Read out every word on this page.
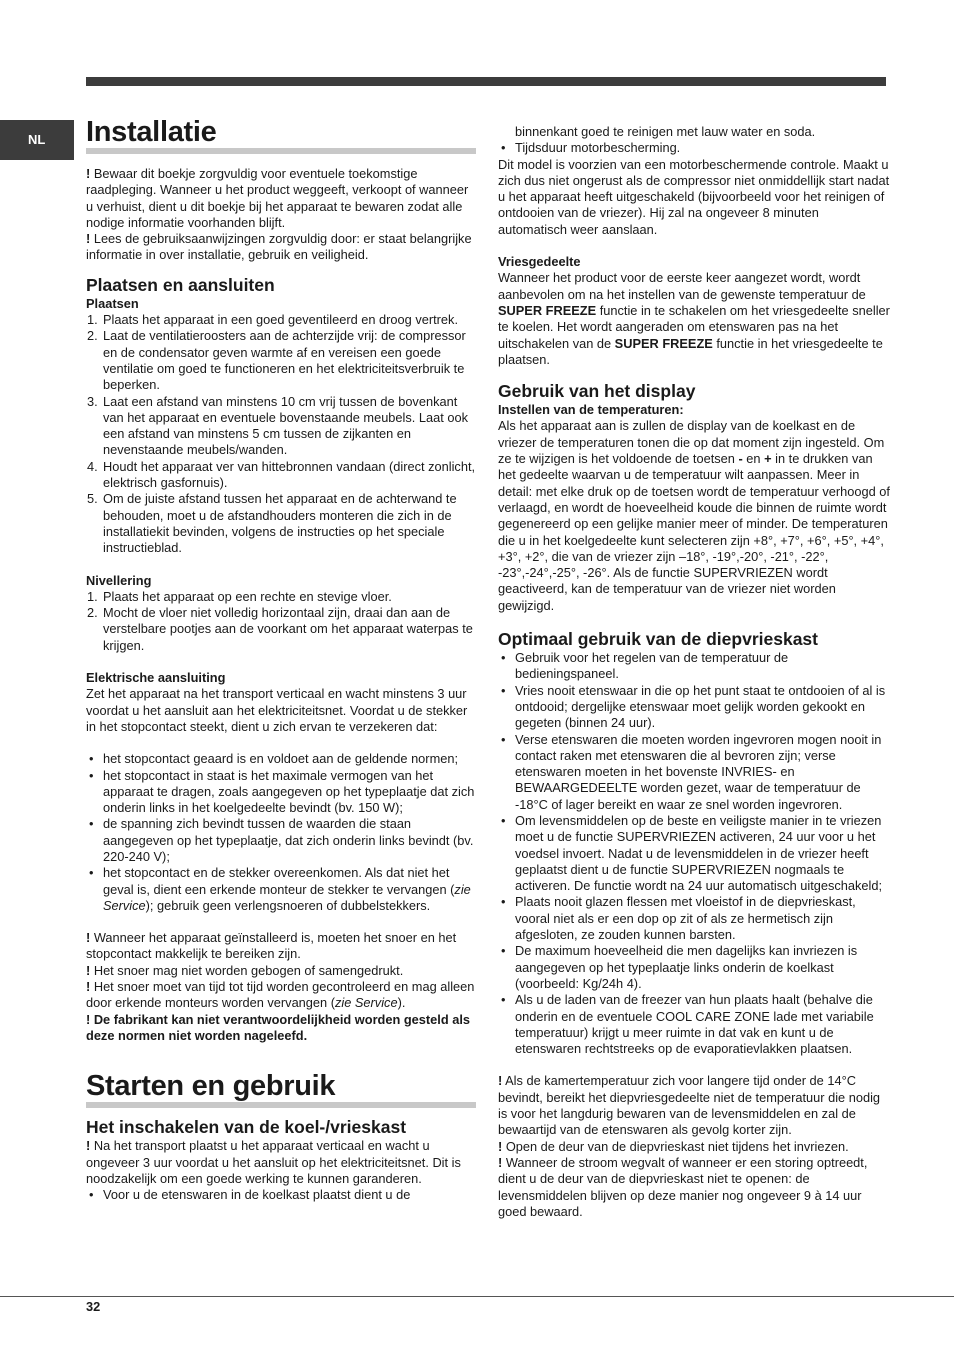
NL	Installatie

! Bewaar dit boekje zorgvuldig voor eventuele toekomstige raadpleging. Wanneer u het product weggeeft, verkoopt of wanneer u verhuist, dient u dit boekje bij het apparaat te bewaren zodat alle nodige informatie voorhanden blijft.

! Lees de gebruiksaanwijzingen zorgvuldig door: er staat belangrijke informatie in over installatie, gebruik en veiligheid.

Plaatsen en aansluiten
Plaatsen
1. Plaats het apparaat in een goed geventileerd en droog vertrek.
2. Laat de ventilatieroosters aan de achterzijde vrij: de compressor en de condensator geven warmte af en vereisen een goede ventilatie om goed te functioneren en het elektriciteitsverbruik te beperken.
3. Laat een afstand van minstens 10 cm vrij tussen de bovenkant van het apparaat en eventuele bovenstaande meubels. Laat ook een afstand van minstens 5 cm tussen de zijkanten en nevenstaande meubels/wanden.
4. Houdt het apparaat ver van hittebronnen vandaan (direct zonlicht, elektrisch gasfornuis).
5. Om de juiste afstand tussen het apparaat en de achterwand te behouden, moet u de afstandhouders monteren die zich in de installatiekit bevinden, volgens de instructies op het speciale instructieblad.
Nivellering
1. Plaats het apparaat op een rechte en stevige vloer.
2. Mocht de vloer niet volledig horizontaal zijn, draai dan aan de verstelbare pootjes aan de voorkant om het apparaat waterpas te krijgen.
Elektrische aansluiting

Zet het apparaat na het transport verticaal en wacht minstens 3 uur voordat u het aansluit aan het elektriciteitsnet. Voordat u de stekker in het stopcontact steekt, dient u zich ervan te verzekeren dat:

• het stopcontact geaard is en voldoet aan de geldende normen;
• het stopcontact in staat is het maximale vermogen van het apparaat te dragen, zoals aangegeven op het typeplaatje dat zich onderin links in het koelgedeelte bevindt (bv. 150 W);
• de spanning zich bevindt tussen de waarden die staan aangegeven op het typeplaatje, dat zich onderin links bevindt (bv. 220-240 V);
• het stopcontact en de stekker overeenkomen. Als dat niet het geval is, dient een erkende monteur de stekker te vervangen (zie Service); gebruik geen verlengsnoeren of dubbelstekkers.

! Wanneer het apparaat geïnstalleerd is, moeten het snoer en het stopcontact makkelijk te bereiken zijn.

! Het snoer mag niet worden gebogen of samengedrukt.

! Het snoer moet van tijd tot tijd worden gecontroleerd en mag alleen door erkende monteurs worden vervangen (zie Service).

! De fabrikant kan niet verantwoordelijkheid worden gesteld als deze normen niet worden nageleefd.

Starten en gebruik
Het inschakelen van de koel-/vrieskast

! Na het transport plaatst u het apparaat verticaal en wacht u ongeveer 3 uur voordat u het aansluit op het elektriciteitsnet. Dit is noodzakelijk om een goede werking te kunnen garanderen.

• Voor u de etenswaren in de koelkast plaatst dient u de
binnenkant goed te reinigen met lauw water en soda.
• Tijdsduur motorbescherming.

Dit model is voorzien van een motorbeschermende controle. Maakt u zich dus niet ongerust als de compressor niet onmiddellijk start nadat u het apparaat heeft uitgeschakeld (bijvoorbeeld voor het reinigen of ontdooien van de vriezer). Hij zal na ongeveer 8 minuten automatisch weer aanslaan.

Vriesgedeelte

Wanneer het product voor de eerste keer aangezet wordt, wordt aanbevolen om na het instellen van de gewenste temperatuur de SUPER FREEZE functie in te schakelen om het vriesgedeelte sneller te koelen. Het wordt aangeraden om etenswaren pas na het uitschakelen van de SUPER FREEZE functie in het vriesgedeelte te plaatsen.

Gebruik van het display
Instellen van de temperaturen:

Als het apparaat aan is zullen de display van de koelkast en de vriezer de temperaturen tonen die op dat moment zijn ingesteld. Om ze te wijzigen is het voldoende de toetsen - en + in te drukken van het gedeelte waarvan u de temperatuur wilt aanpassen. Meer in detail: met elke druk op de toetsen wordt de temperatuur verhoogd of verlaagd, en wordt de hoeveelheid koude die binnen de ruimte wordt gegenereerd op een gelijke manier meer of minder. De temperaturen die u in het koelgedeelte kunt selecteren zijn +8°, +7°, +6°, +5°, +4°, +3°, +2°, die van de vriezer zijn –18°, -19°,-20°, -21°, -22°, -23°,-24°,-25°, -26°. Als de functie SUPERVRIEZEN wordt geactiveerd, kan de temperatuur van de vriezer niet worden gewijzigd.

Optimaal gebruik van de diepvrieskast
• Gebruik voor het regelen van de temperatuur de bedieningspaneel.
• Vries nooit etenswaar in die op het punt staat te ontdooien of al is ontdooid; dergelijke etenswaar moet gelijk worden gekookt en gegeten (binnen 24 uur).
• Verse etenswaren die moeten worden ingevroren mogen nooit in contact raken met etenswaren die al bevroren zijn; verse etenswaren moeten in het bovenste INVRIES- en BEWAARGEDEELTE worden gezet, waar de temperatuur de -18°C of lager bereikt en waar ze snel worden ingevroren.
• Om levensmiddelen op de beste en veiligste manier in te vriezen moet u de functie SUPERVRIEZEN activeren, 24 uur voor u het voedsel invoert. Nadat u de levensmiddelen in de vriezer heeft geplaatst dient u de functie SUPERVRIEZEN nogmaals te activeren. De functie wordt na 24 uur automatisch uitgeschakeld;
• Plaats nooit glazen flessen met vloeistof in de diepvrieskast, vooral niet als er een dop op zit of als ze hermetisch zijn afgesloten, ze zouden kunnen barsten.
• De maximum hoeveelheid die men dagelijks kan invriezen is aangegeven op het typeplaatje links onderin de koelkast (voorbeeld: Kg/24h 4).
• Als u de laden van de freezer van hun plaats haalt (behalve die onderin en de eventuele COOL CARE ZONE lade met variabile temperatuur) krijgt u meer ruimte in dat vak en kunt u de etenswaren rechtstreeks op de evaporatievlakken plaatsen.

! Als de kamertemperatuur zich voor langere tijd onder de 14°C bevindt, bereikt het diepvriesgedeelte niet de temperatuur die nodig is voor het langdurig bewaren van de levensmiddelen en zal de bewaartijd van de etenswaren als gevolg korter zijn.

! Open de deur van de diepvrieskast niet tijdens het invriezen.

! Wanneer de stroom wegvalt of wanneer er een storing optreedt, dient u de deur van de diepvrieskast niet te openen: de levensmiddelen blijven op deze manier nog ongeveer 9 à 14 uur goed bewaard.

32
